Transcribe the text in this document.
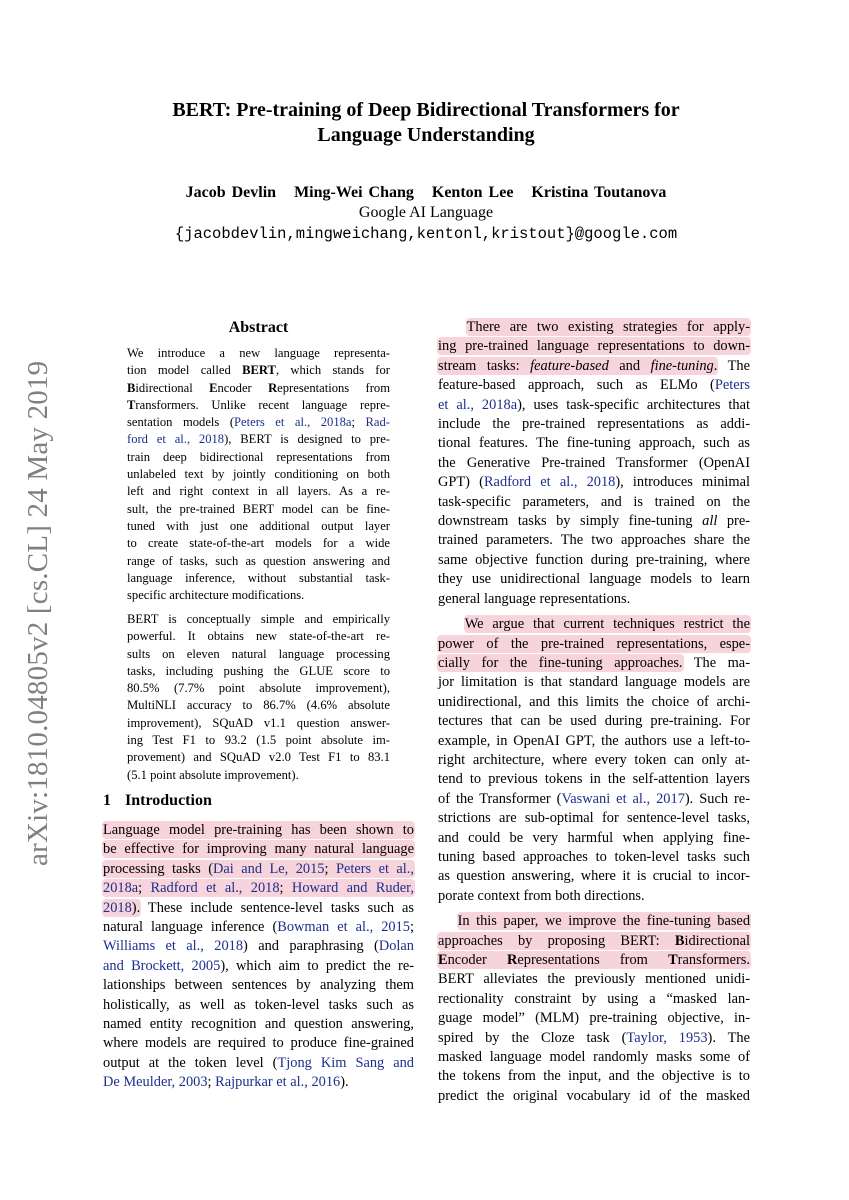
arXiv:1810.04805v2 [cs.CL] 24 May 2019
BERT: Pre-training of Deep Bidirectional Transformers for
Language Understanding
Jacob Devlin Ming-Wei Chang Kenton Lee Kristina Toutanova
Google AI Language
{jacobdevlin,mingweichang,kentonl,kristout}@google.com
Abstract
We introduce a new language representa-
tion model called BERT, which stands for
Bidirectional Encoder Representations from
Transformers. Unlike recent language repre-
sentation models (Peters et al., 2018a; Rad-
ford et al., 2018), BERT is designed to pre-
train deep bidirectional representations from
unlabeled text by jointly conditioning on both
left and right context in all layers. As a re-
sult, the pre-trained BERT model can be fine-
tuned with just one additional output layer
to create state-of-the-art models for a wide
range of tasks, such as question answering and
language inference, without substantial task-
specific architecture modifications.
BERT is conceptually simple and empirically
powerful. It obtains new state-of-the-art re-
sults on eleven natural language processing
tasks, including pushing the GLUE score to
80.5% (7.7% point absolute improvement),
MultiNLI accuracy to 86.7% (4.6% absolute
improvement), SQuAD v1.1 question answer-
ing Test F1 to 93.2 (1.5 point absolute im-
provement) and SQuAD v2.0 Test F1 to 83.1
(5.1 point absolute improvement).
1 Introduction
Language model pre-training has been shown to
be effective for improving many natural language
processing tasks (Dai and Le, 2015; Peters et al.,
2018a; Radford et al., 2018; Howard and Ruder,
2018). These include sentence-level tasks such as
natural language inference (Bowman et al., 2015;
Williams et al., 2018) and paraphrasing (Dolan
and Brockett, 2005), which aim to predict the re-
lationships between sentences by analyzing them
holistically, as well as token-level tasks such as
named entity recognition and question answering,
where models are required to produce fine-grained
output at the token level (Tjong Kim Sang and
De Meulder, 2003; Rajpurkar et al., 2016).
There are two existing strategies for apply-
ing pre-trained language representations to down-
stream tasks: feature-based and fine-tuning. The
feature-based approach, such as ELMo (Peters
et al., 2018a), uses task-specific architectures that
include the pre-trained representations as addi-
tional features. The fine-tuning approach, such as
the Generative Pre-trained Transformer (OpenAI
GPT) (Radford et al., 2018), introduces minimal
task-specific parameters, and is trained on the
downstream tasks by simply fine-tuning all pre-
trained parameters. The two approaches share the
same objective function during pre-training, where
they use unidirectional language models to learn
general language representations.
We argue that current techniques restrict the
power of the pre-trained representations, espe-
cially for the fine-tuning approaches. The ma-
jor limitation is that standard language models are
unidirectional, and this limits the choice of archi-
tectures that can be used during pre-training. For
example, in OpenAI GPT, the authors use a left-to-
right architecture, where every token can only at-
tend to previous tokens in the self-attention layers
of the Transformer (Vaswani et al., 2017). Such re-
strictions are sub-optimal for sentence-level tasks,
and could be very harmful when applying fine-
tuning based approaches to token-level tasks such
as question answering, where it is crucial to incor-
porate context from both directions.
In this paper, we improve the fine-tuning based
approaches by proposing BERT: Bidirectional
Encoder Representations from Transformers.
BERT alleviates the previously mentioned unidi-
rectionality constraint by using a “masked lan-
guage model” (MLM) pre-training objective, in-
spired by the Cloze task (Taylor, 1953). The
masked language model randomly masks some of
the tokens from the input, and the objective is to
predict the original vocabulary id of the masked
